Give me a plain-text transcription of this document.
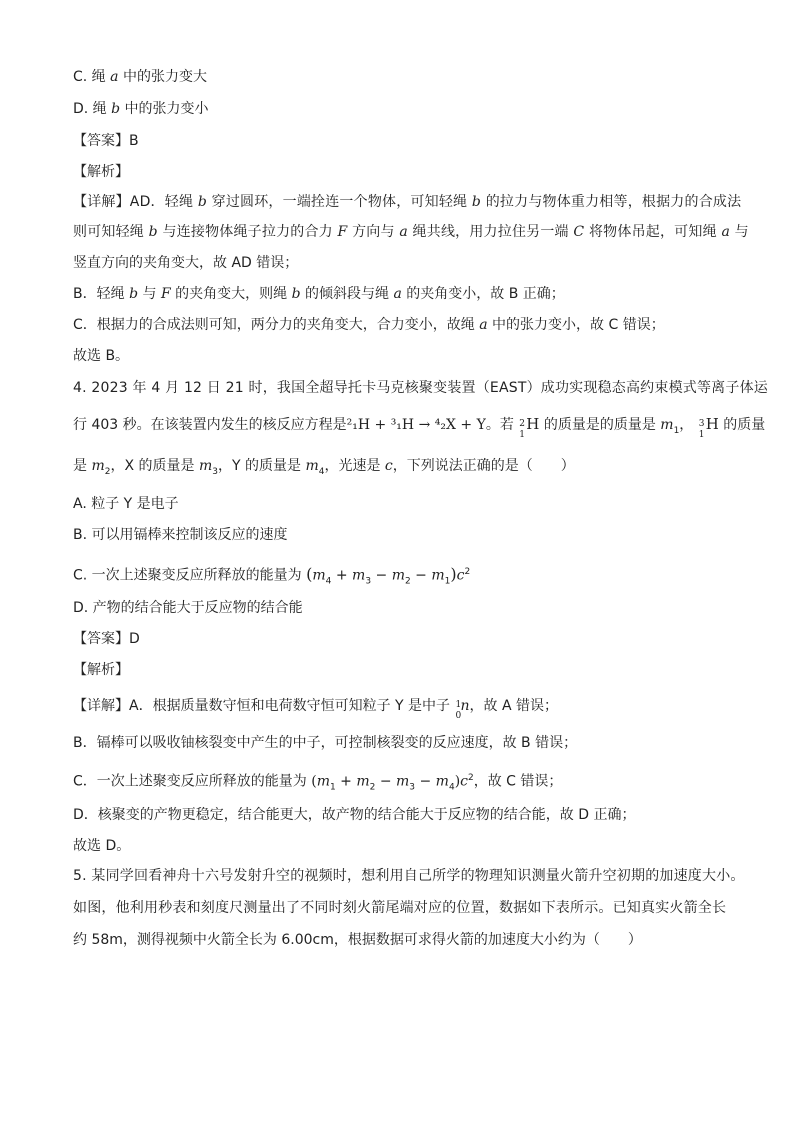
C. 绳 a 中的张力变大
D. 绳 b 中的张力变小
【答案】B
【解析】
【详解】AD．轻绳 b 穿过圆环，一端拴连一个物体，可知轻绳 b 的拉力与物体重力相等，根据力的合成法
则可知轻绳 b 与连接物体绳子拉力的合力 F 方向与 a 绳共线，用力拉住另一端 C 将物体吊起，可知绳 a 与
竖直方向的夹角变大，故 AD 错误；
B．轻绳 b 与 F 的夹角变大，则绳 b 的倾斜段与绳 a 的夹角变小，故 B 正确；
C．根据力的合成法则可知，两分力的夹角变大，合力变小，故绳 a 中的张力变小，故 C 错误；
故选 B。
4. 2023 年 4 月 12 日 21 时，我国全超导托卡马克核聚变装置（EAST）成功实现稳态高约束模式等离子体运
行 403 秒。在该装置内发生的核反应方程是²₁H + ³₁H → ⁴₂X + Y。若 2
1
H 的质量是的质量是 $m_1$， 3
1
H 的质量
是 $m_2$，X 的质量是 $m_3$，Y 的质量是 $m_4$，光速是 c，下列说法正确的是（　　）
A. 粒子 Y 是电子
B. 可以用镉棒来控制该反应的速度
C. 一次上述聚变反应所释放的能量为 $(m_4 + m_3 - m_2 - m_1)c^2$
D. 产物的结合能大于反应物的结合能
【答案】D
【解析】
【详解】A．根据质量数守恒和电荷数守恒可知粒子 Y 是中子 1
0
n，故 A 错误；
B．镉棒可以吸收铀核裂变中产生的中子，可控制核裂变的反应速度，故 B 错误；
C．一次上述聚变反应所释放的能量为 $(m_1 + m_2 - m_3 - m_4)c^2$，故 C 错误；
D．核聚变的产物更稳定，结合能更大，故产物的结合能大于反应物的结合能，故 D 正确；
故选 D。
5. 某同学回看神舟十六号发射升空的视频时，想利用自己所学的物理知识测量火箭升空初期的加速度大小。
如图，他利用秒表和刻度尺测量出了不同时刻火箭尾端对应的位置，数据如下表所示。已知真实火箭全长
约 58m，测得视频中火箭全长为 6.00cm，根据数据可求得火箭的加速度大小约为（　　）
